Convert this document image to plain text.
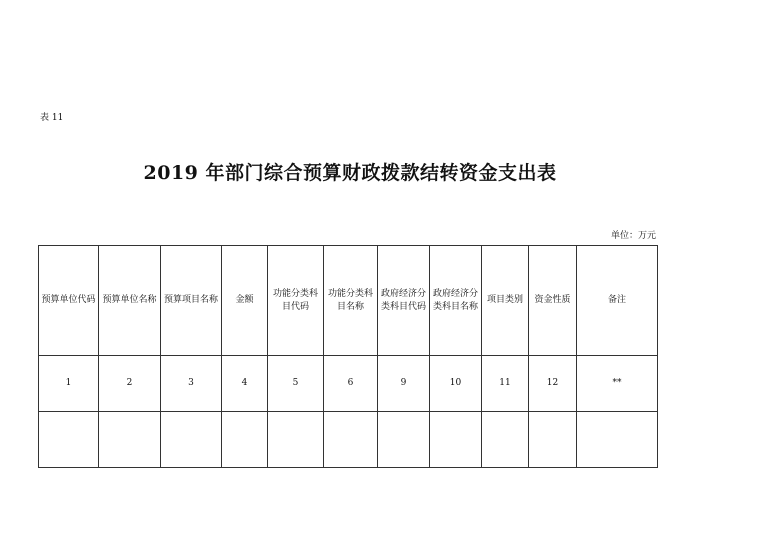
表 11
2019 年部门综合预算财政拨款结转资金支出表
单位：万元
预算单位代码	预算单位名称	预算项目名称	金额	功能分类科目代码	功能分类科目名称	政府经济分类科目代码	政府经济分类科目名称	项目类别	资金性质	备注
1	2	3	4	5	6	9	10	11	12	**
